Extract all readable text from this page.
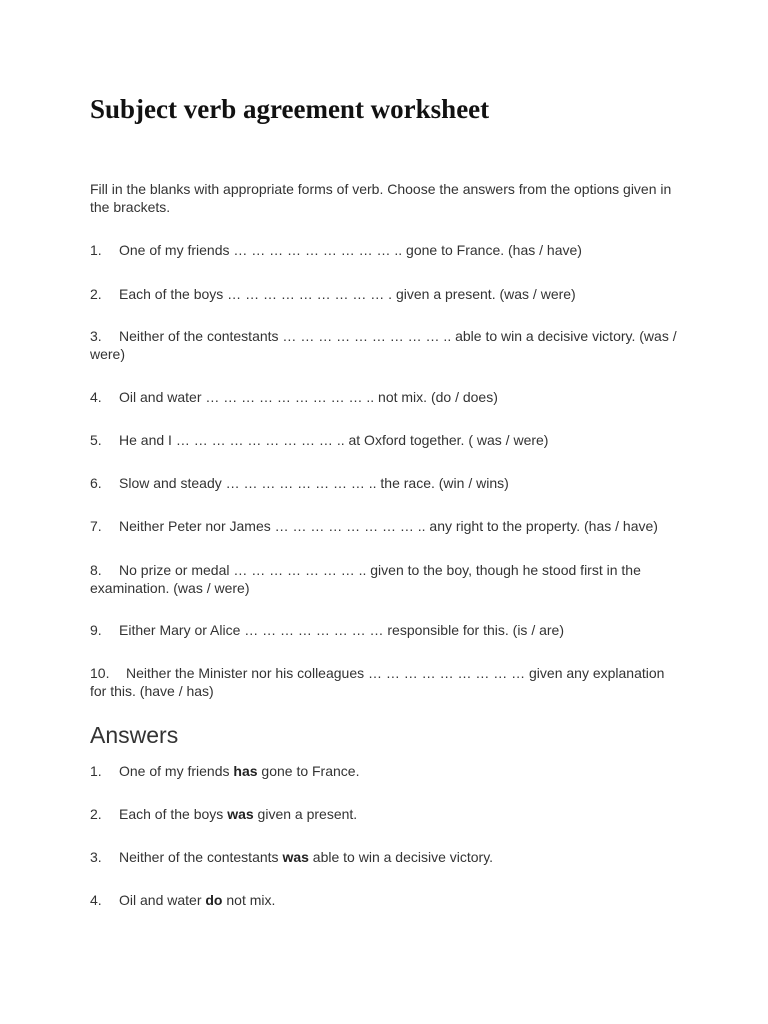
Subject verb agreement worksheet

Fill in the blanks with appropriate forms of verb. Choose the answers from the options given in the brackets.

1. One of my friends … … … … … … … … … .. gone to France. (has / have)

2. Each of the boys … … … … … … … … … . given a present. (was / were)

3. Neither of the contestants … … … … … … … … … .. able to win a decisive victory. (was / were)

4. Oil and water … … … … … … … … … .. not mix. (do / does)

5. He and I … … … … … … … … … .. at Oxford together. ( was / were)

6. Slow and steady … … … … … … … … .. the race. (win / wins)

7. Neither Peter nor James … … … … … … … … .. any right to the property. (has / have)

8. No prize or medal … … … … … … … .. given to the boy, though he stood first in the examination. (was / were)

9. Either Mary or Alice … … … … … … … … responsible for this. (is / are)

10. Neither the Minister nor his colleagues … … … … … … … … … given any explanation for this. (have / has)

Answers

1. One of my friends has gone to France.

2. Each of the boys was given a present.

3. Neither of the contestants was able to win a decisive victory.

4. Oil and water do not mix.
